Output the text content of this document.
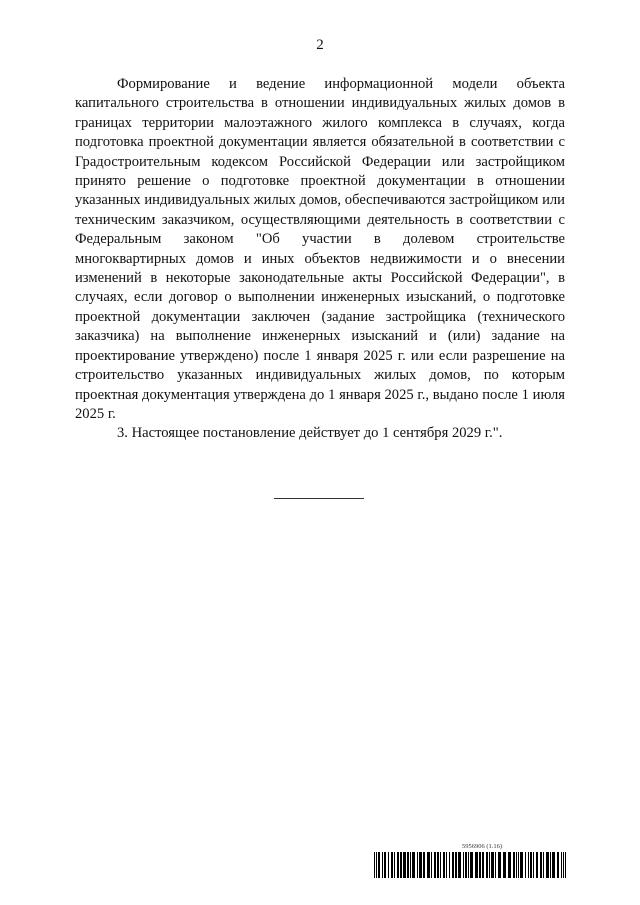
2

Формирование и ведение информационной модели объекта капитального строительства в отношении индивидуальных жилых домов в границах территории малоэтажного жилого комплекса в случаях, когда подготовка проектной документации является обязательной в соответствии с Градостроительным кодексом Российской Федерации или застройщиком принято решение о подготовке проектной документации в отношении указанных индивидуальных жилых домов, обеспечиваются застройщиком или техническим заказчиком, осуществляющими деятельность в соответствии с Федеральным законом "Об участии в долевом строительстве многоквартирных домов и иных объектов недвижимости и о внесении изменений в некоторые законодательные акты Российской Федерации", в случаях, если договор о выполнении инженерных изысканий, о подготовке проектной документации заключен (задание застройщика (технического заказчика) на выполнение инженерных изысканий и (или) задание на проектирование утверждено) после 1 января 2025 г. или если разрешение на строительство указанных индивидуальных жилых домов, по которым проектная документация утверждена до 1 января 2025 г., выдано после 1 июля 2025 г.

3. Настоящее постановление действует до 1 сентября 2029 г.".

5956906 (1.16)
